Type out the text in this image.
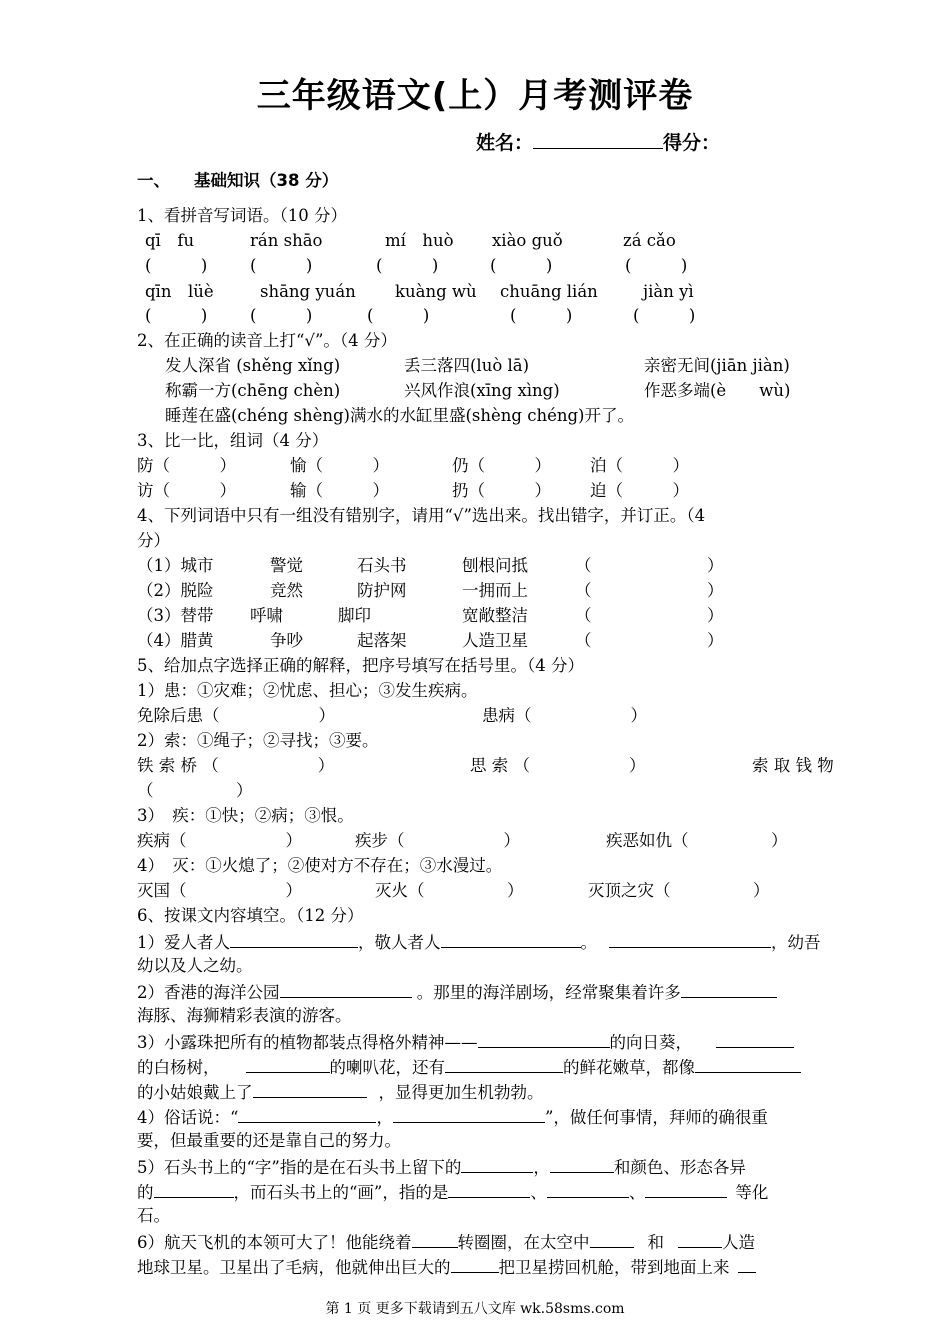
三年级语文(上）月考测评卷
姓名：	得分：
一、 基础知识（38 分）
1、看拼音写词语。（10 分）
qī　fu	rán shāo	mí　huò xiào guǒ	zá cǎo
(　　　)	(　　　)	(　　　)	(　　　)	(　　　)
qīn　lüè	shāng yuán kuàng wù chuāng lián	jiàn yì
(　　　)	(　　　)	(　　　)	(　　　)	(　　　)
2、在正确的读音上打“√”。（4 分）
发人深省 (shěng xǐng)	丢三落四(luò lā)	亲密无间(jiān jiàn)
称霸一方(chēng chèn)	兴风作浪(xīng xìng)	作恶多端(è　　wù)
睡莲在盛(chéng shèng)满水的水缸里盛(shèng chéng)开了。
3、比一比，组词（4 分）
防（　　　）	愉（　　　）	仍（　　　） 泊（　　　）
访（　　　）	输（　　　）	扔（　　　） 迫（　　　）
4、下列词语中只有一组没有错别字，请用“√”选出来。找出错字，并订正。（4
分）
（1）城市	警觉	石头书	刨根问抵	（　　　　　　　）
（2）脱险	竞然	防护网	一拥而上	（　　　　　　　）
（3）替带 呼啸	脚印	宽敞整洁	（　　　　　　　）
（4）腊黄	争吵	起落架	人造卫星	（　　　　　　　）
5、给加点字选择正确的解释，把序号填写在括号里。（4 分）
1）患：①灾难；②忧虑、担心；③发生疾病。
免除后患（　　　　　　）	患病（　　　　　　）
2）索：①绳子；②寻找；③要。
铁 索 桥 （　　　　　　）	思 索 （　　　　　　）	索 取 钱 物
（　　　　　）
3）　疾：①快；②病；③恨。
疾病（　　　　　　）	疾步（　　　　　　）	疾恶如仇（　　　　　）
4）　灭：①火熄了；②使对方不存在；③水漫过。
灭国（　　　　　　）	灭火（　　　　　）	灭顶之灾（　　　　　）
6、按课文内容填空。（12 分）
1）爱人者人	，敬人者人	。	，幼吾
幼以及人之幼。
2）香港的海洋公园	。那里的海洋剧场，经常聚集着许多
海豚、海狮精彩表演的游客。
3）小露珠把所有的植物都装点得格外精神——	的向日葵，
的白杨树，	的喇叭花，还有	的鲜花嫩草，都像
的小姑娘戴上了	，显得更加生机勃勃。
4）俗话说：“	，	”，做任何事情，拜师的确很重
要，但最重要的还是靠自己的努力。
5）石头书上的“字”指的是在石头书上留下的	，	和颜色、形态各异
的	，而石头书上的“画”，指的是	、	、	等化
石。
6）航天飞机的本领可大了！他能绕着	转圈圈，在太空中	和	人造
地球卫星。卫星出了毛病，他就伸出巨大的	把卫星捞回机舱，带到地面上来
第 1 页 更多下载请到五八文库 wk.58sms.com
